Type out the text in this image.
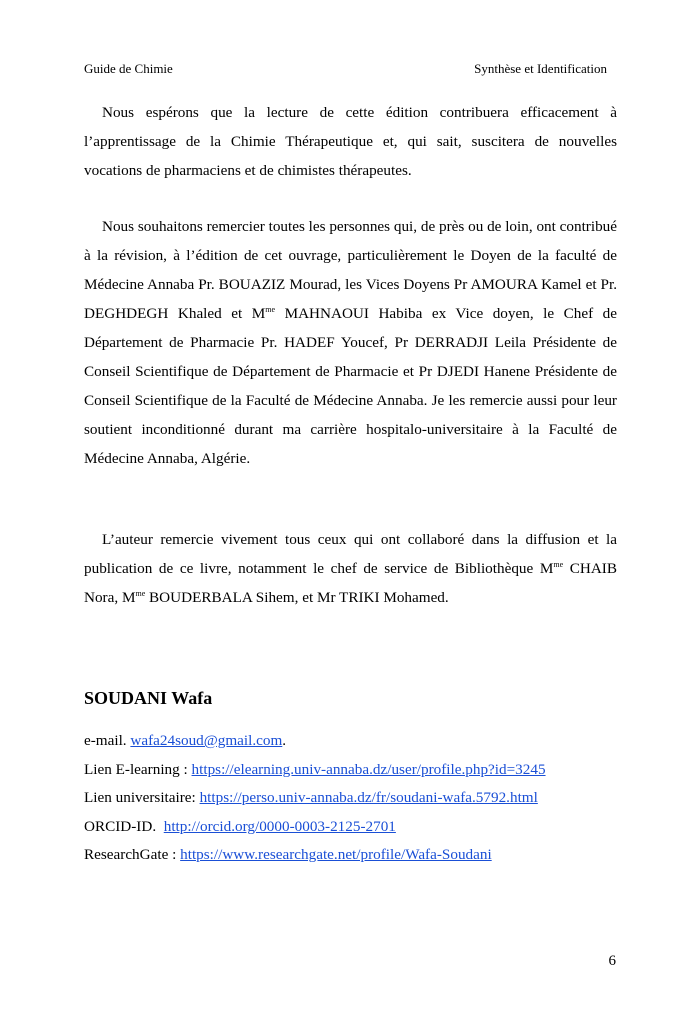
Guide de Chimie	Synthèse et Identification
Nous espérons que la lecture de cette édition contribuera efficacement à l’apprentissage de la Chimie Thérapeutique et, qui sait, suscitera de nouvelles vocations de pharmaciens et de chimistes thérapeutes.
Nous souhaitons remercier toutes les personnes qui, de près ou de loin, ont contribué à la révision, à l’édition de cet ouvrage, particulièrement le Doyen de la faculté de Médecine Annaba Pr. BOUAZIZ Mourad, les Vices Doyens Pr AMOURA Kamel et Pr. DEGHDEGH Khaled et $M^{me}$ MAHNAOUI Habiba ex Vice doyen, le Chef de Département de Pharmacie Pr. HADEF Youcef, Pr DERRADJI Leila Présidente de Conseil Scientifique de Département de Pharmacie et Pr DJEDI Hanene Présidente de Conseil Scientifique de la Faculté de Médecine Annaba. Je les remercie aussi pour leur soutient inconditionné durant ma carrière hospitalo-universitaire à la Faculté de Médecine Annaba, Algérie.
L’auteur remercie vivement tous ceux qui ont collaboré dans la diffusion et la publication de ce livre, notamment le chef de service de Bibliothèque $M^{me}$ CHAIB Nora, $M^{me}$ BOUDERBALA Sihem, et Mr TRIKI Mohamed.
SOUDANI Wafa
e-mail. wafa24soud@gmail.com.
Lien E-learning : https://elearning.univ-annaba.dz/user/profile.php?id=3245
Lien universitaire: https://perso.univ-annaba.dz/fr/soudani-wafa.5792.html
ORCID-ID.  http://orcid.org/0000-0003-2125-2701
ResearchGate : https://www.researchgate.net/profile/Wafa-Soudani
6
